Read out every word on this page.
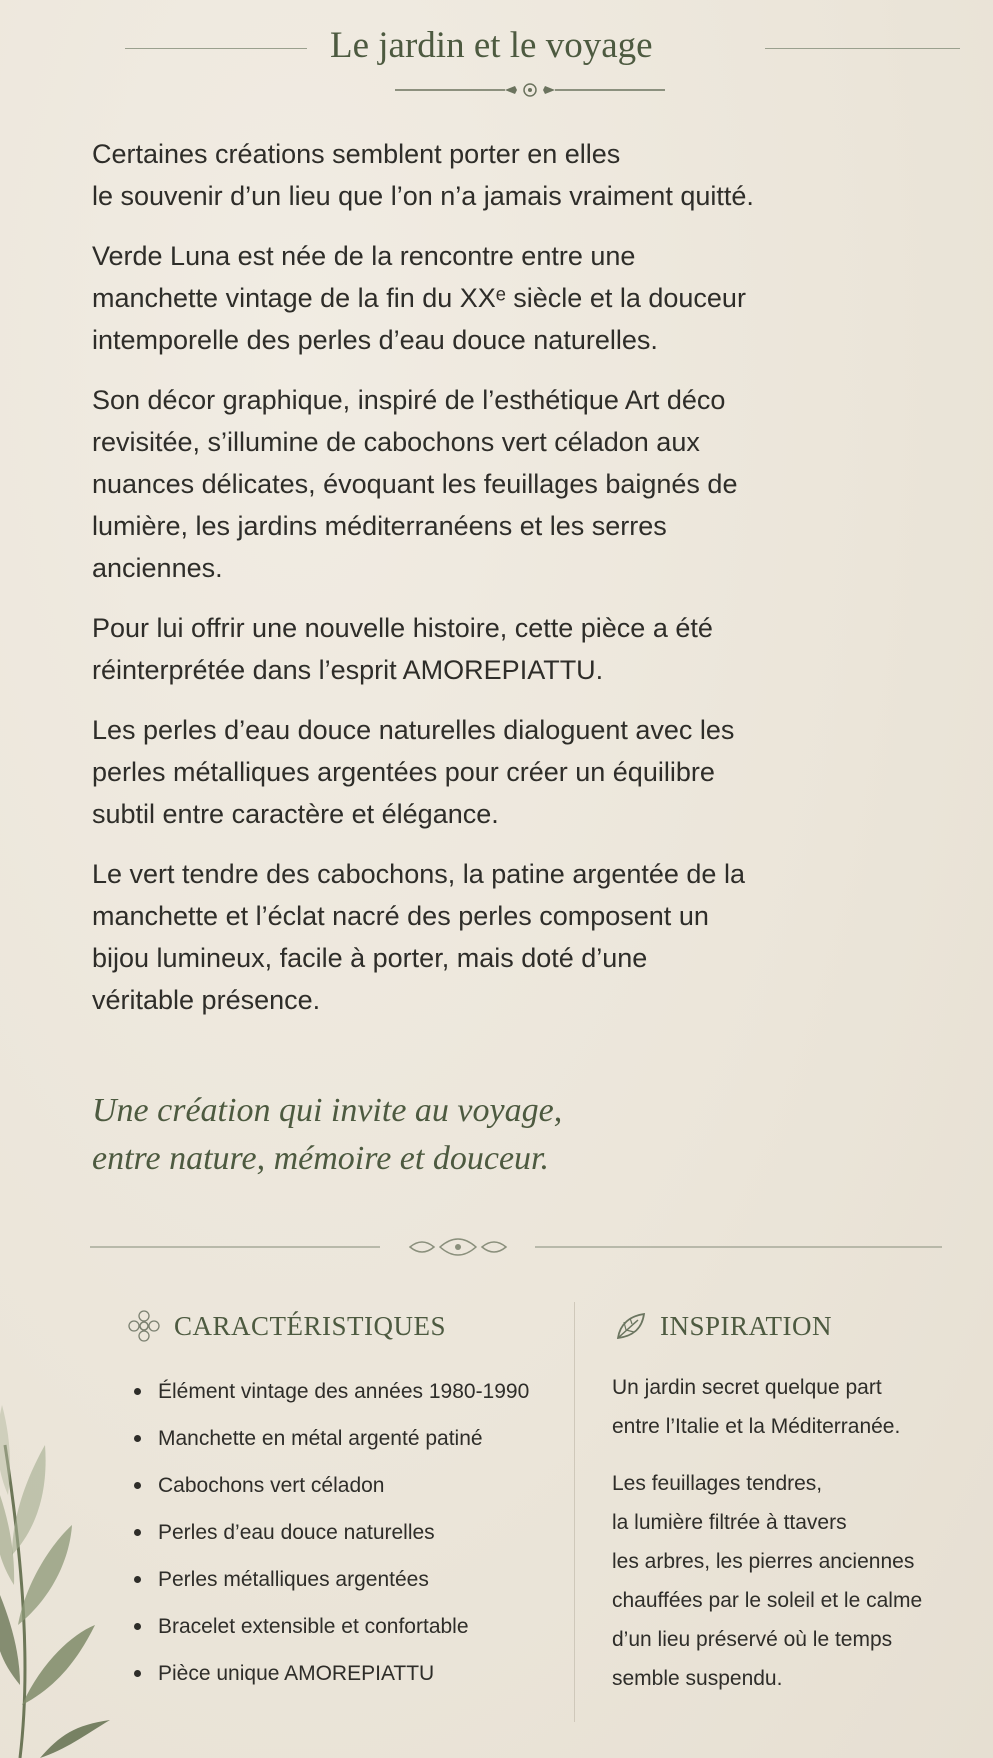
Le jardin et le voyage

Certaines créations semblent porter en elles

le souvenir d’un lieu que l’on n’a jamais vraiment quitté.

Verde Luna est née de la rencontre entre une

manchette vintage de la fin du XXᵉ siècle et la douceur

intemporelle des perles d’eau douce naturelles.

Son décor graphique, inspiré de l’esthétique Art déco

revisitée, s’illumine de cabochons vert céladon aux

nuances délicates, évoquant les feuillages baignés de

lumière, les jardins méditerranéens et les serres

anciennes.

Pour lui offrir une nouvelle histoire, cette pièce a été

réinterprétée dans l’esprit AMOREPIATTU.

Les perles d’eau douce naturelles dialoguent avec les

perles métalliques argentées pour créer un équilibre

subtil entre caractère et élégance.

Le vert tendre des cabochons, la patine argentée de la

manchette et l’éclat nacré des perles composent un

bijou lumineux, facile à porter, mais doté d’une

véritable présence.

Une création qui invite au voyage,
entre nature, mémoire et douceur.
CARACTÉRISTIQUES
Élément vintage des années 1980-1990
Manchette en métal argenté patiné
Cabochons vert céladon
Perles d’eau douce naturelles
Perles métalliques argentées
Bracelet extensible et confortable
Pièce unique AMOREPIATTU
INSPIRATION

Un jardin secret quelque part
entre l’Italie et la Méditerranée.

Les feuillages tendres,
la lumière filtrée à ttavers
les arbres, les pierres anciennes
chauffées par le soleil et le calme
d’un lieu préservé où le temps
semble suspendu.
